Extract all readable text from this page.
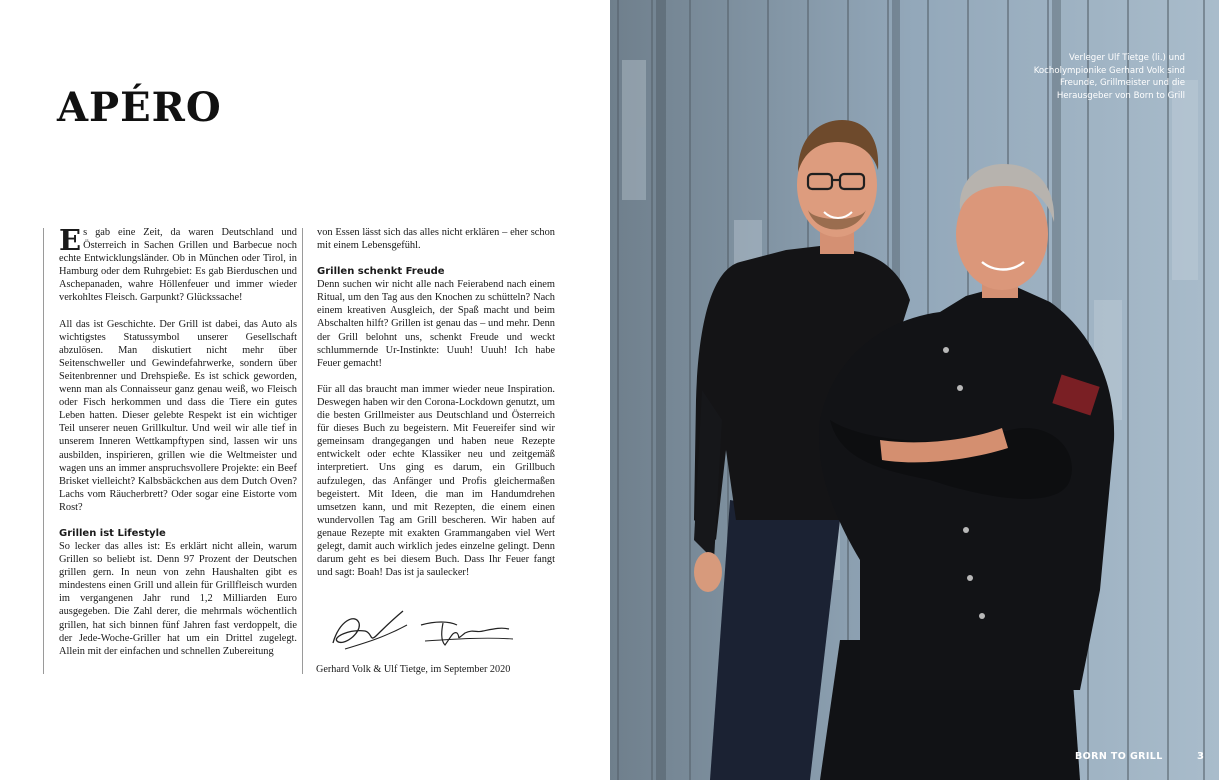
APÉRO

Es gab eine Zeit, da waren Deutschland und Österreich in Sachen Grillen und Barbecue noch echte Entwicklungsländer. Ob in München oder Tirol, in Hamburg oder dem Ruhrgebiet: Es gab Bierduschen und Aschepanaden, wahre Höllenfeuer und immer wieder verkohltes Fleisch. Garpunkt? Glückssache!

All das ist Geschichte. Der Grill ist dabei, das Auto als wichtigstes Statussymbol unserer Gesellschaft abzulösen. Man diskutiert nicht mehr über Seitenschweller und Gewindefahrwerke, sondern über Seitenbrenner und Drehspieße. Es ist schick geworden, wenn man als Connaisseur ganz genau weiß, wo Fleisch oder Fisch herkommen und dass die Tiere ein gutes Leben hatten. Dieser gelebte Respekt ist ein wichtiger Teil unserer neuen Grillkultur. Und weil wir alle tief in unserem Inneren Wettkampftypen sind, lassen wir uns ausbilden, inspirieren, grillen wie die Weltmeister und wagen uns an immer anspruchsvollere Projekte: ein Beef Brisket vielleicht? Kalbsbäckchen aus dem Dutch Oven? Lachs vom Räucherbrett? Oder sogar eine Eistorte vom Rost?

Grillen ist Lifestyle

So lecker das alles ist: Es erklärt nicht allein, warum Grillen so beliebt ist. Denn 97 Prozent der Deutschen grillen gern. In neun von zehn Haushalten gibt es mindestens einen Grill und allein für Grillfleisch wurden im vergangenen Jahr rund 1,2 Milliarden Euro ausgegeben. Die Zahl derer, die mehrmals wöchentlich grillen, hat sich binnen fünf Jahren fast verdoppelt, die der Jede-Woche-Griller hat um ein Drittel zugelegt. Allein mit der einfachen und schnellen Zubereitung

von Essen lässt sich das alles nicht erklären – eher schon mit einem Lebensgefühl.

Grillen schenkt Freude

Denn suchen wir nicht alle nach Feierabend nach einem Ritual, um den Tag aus den Knochen zu schütteln? Nach einem kreativen Ausgleich, der Spaß macht und beim Abschalten hilft? Grillen ist genau das – und mehr. Denn der Grill belohnt uns, schenkt Freude und weckt schlummernde Ur-Instinkte: Uuuh! Uuuh! Ich habe Feuer gemacht!

Für all das braucht man immer wieder neue Inspiration. Deswegen haben wir den Corona-Lockdown genutzt, um die besten Grillmeister aus Deutschland und Österreich für dieses Buch zu begeistern. Mit Feuereifer sind wir gemeinsam drangegangen und haben neue Rezepte entwickelt oder echte Klassiker neu und zeitgemäß interpretiert. Uns ging es darum, ein Grillbuch aufzulegen, das Anfänger und Profis gleichermaßen begeistert. Mit Ideen, die man im Handumdrehen umsetzen kann, und mit Rezepten, die einem einen wundervollen Tag am Grill bescheren. Wir haben auf genaue Rezepte mit exakten Grammangaben viel Wert gelegt, damit auch wirklich jedes einzelne gelingt. Denn darum geht es bei diesem Buch. Dass Ihr Feuer fangt und sagt: Boah! Das ist ja saulecker!

Gerhard Volk & Ulf Tietge, im September 2020
Verleger Ulf Tietge (li.) und Kocholympionike Gerhard Volk sind Freunde, Grillmeister und die Herausgeber von Born to Grill
BORN TO GRILL	3
